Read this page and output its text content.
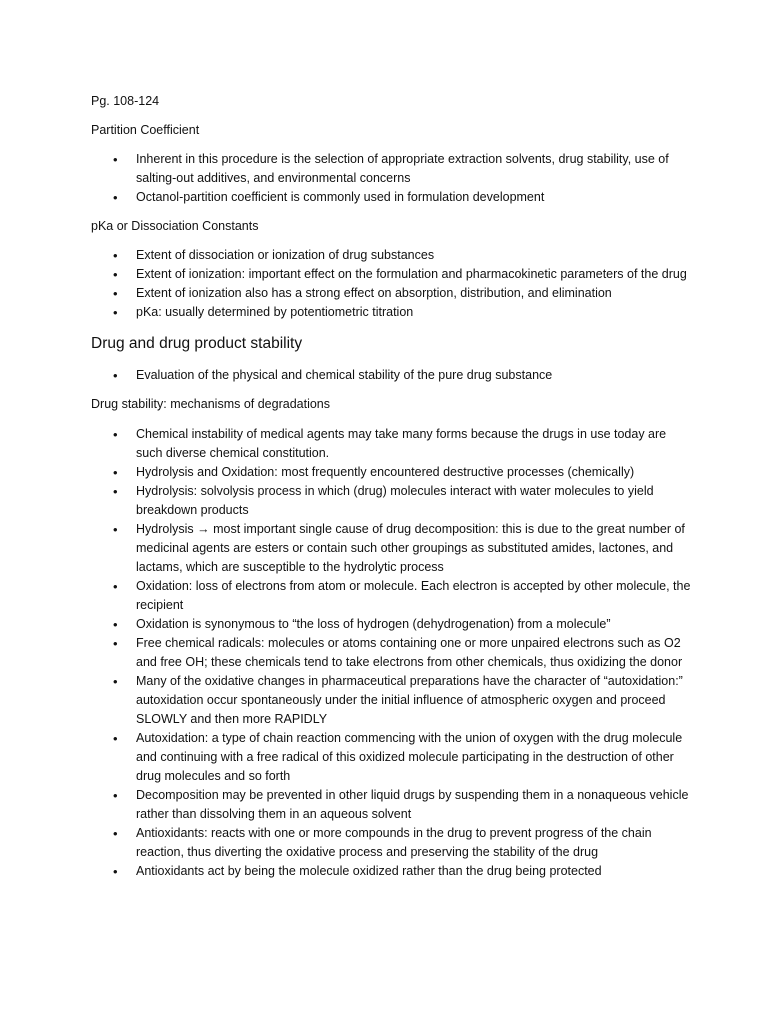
Pg. 108-124

Partition Coefficient

• Inherent in this procedure is the selection of appropriate extraction solvents, drug stability, use of salting-out additives, and environmental concerns
• Octanol-partition coefficient is commonly used in formulation development

pKa or Dissociation Constants

• Extent of dissociation or ionization of drug substances
• Extent of ionization: important effect on the formulation and pharmacokinetic parameters of the drug
• Extent of ionization also has a strong effect on absorption, distribution, and elimination
• pKa: usually determined by potentiometric titration
Drug and drug product stability
• Evaluation of the physical and chemical stability of the pure drug substance

Drug stability: mechanisms of degradations

• Chemical instability of medical agents may take many forms because the drugs in use today are such diverse chemical constitution.
• Hydrolysis and Oxidation: most frequently encountered destructive processes (chemically)
• Hydrolysis: solvolysis process in which (drug) molecules interact with water molecules to yield breakdown products
• Hydrolysis → most important single cause of drug decomposition: this is due to the great number of medicinal agents are esters or contain such other groupings as substituted amides, lactones, and lactams, which are susceptible to the hydrolytic process
• Oxidation: loss of electrons from atom or molecule. Each electron is accepted by other molecule, the recipient
• Oxidation is synonymous to “the loss of hydrogen (dehydrogenation) from a molecule”
• Free chemical radicals: molecules or atoms containing one or more unpaired electrons such as O2 and free OH; these chemicals tend to take electrons from other chemicals, thus oxidizing the donor
• Many of the oxidative changes in pharmaceutical preparations have the character of “autoxidation:” autoxidation occur spontaneously under the initial influence of atmospheric oxygen and proceed SLOWLY and then more RAPIDLY
• Autoxidation: a type of chain reaction commencing with the union of oxygen with the drug molecule and continuing with a free radical of this oxidized molecule participating in the destruction of other drug molecules and so forth
• Decomposition may be prevented in other liquid drugs by suspending them in a nonaqueous vehicle rather than dissolving them in an aqueous solvent
• Antioxidants: reacts with one or more compounds in the drug to prevent progress of the chain reaction, thus diverting the oxidative process and preserving the stability of the drug
• Antioxidants act by being the molecule oxidized rather than the drug being protected
